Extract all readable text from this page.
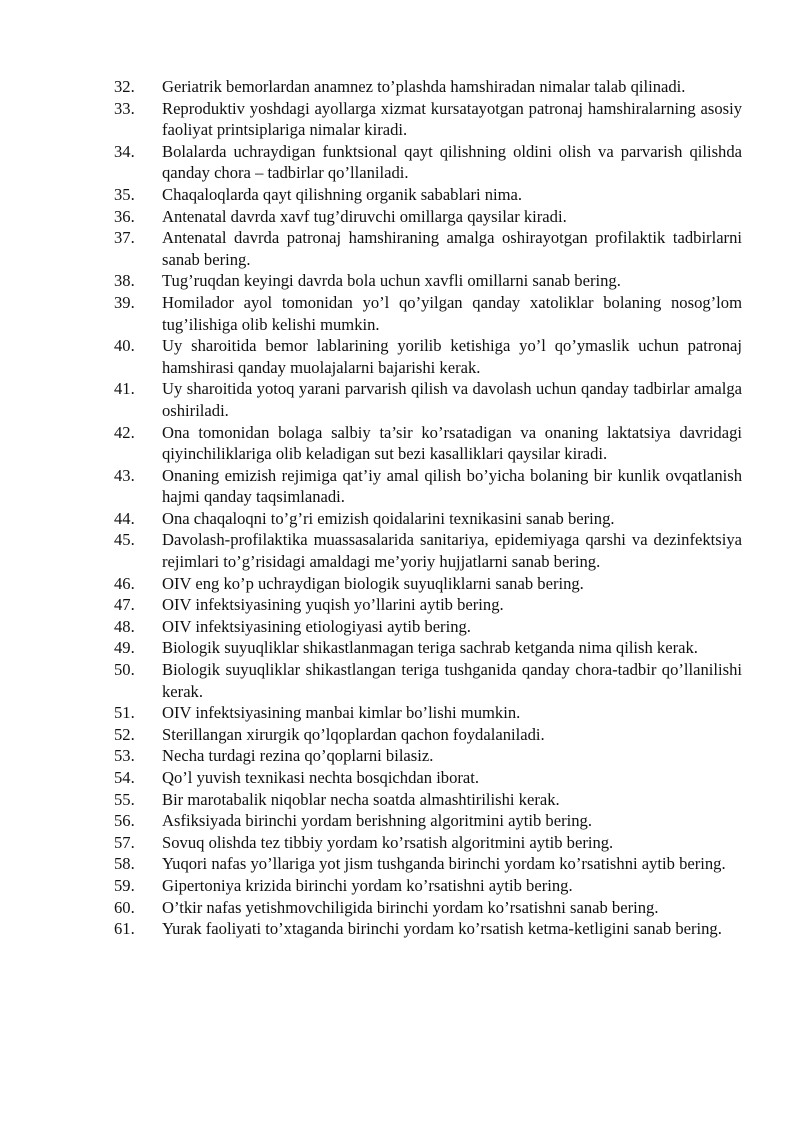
32.	Geriatrik bemorlardan anamnez to’plashda hamshiradan nimalar talab qilinadi.
33.	Reproduktiv yoshdagi ayollarga xizmat kursatayotgan patronaj hamshiralarning asosiy faoliyat printsiplariga nimalar kiradi.
34.	Bolalarda uchraydigan funktsional qayt qilishning oldini olish va parvarish qilishda qanday chora – tadbirlar qo’llaniladi.
35.	Chaqaloqlarda qayt qilishning organik sabablari nima.
36.	Antenatal davrda xavf tug’diruvchi omillarga qaysilar kiradi.
37.	Antenatal davrda patronaj hamshiraning amalga oshirayotgan profilaktik tadbirlarni sanab bering.
38.	Tug’ruqdan keyingi davrda bola uchun xavfli omillarni sanab bering.
39.	Homilador ayol tomonidan yo’l qo’yilgan qanday xatoliklar bolaning nosog’lom tug’ilishiga olib kelishi mumkin.
40.	Uy sharoitida bemor lablarining yorilib ketishiga yo’l qo’ymaslik uchun patronaj hamshirasi qanday muolajalarni bajarishi kerak.
41.	Uy sharoitida yotoq yarani parvarish qilish va davolash uchun qanday tadbirlar amalga oshiriladi.
42.	Ona tomonidan bolaga salbiy ta’sir ko’rsatadigan va onaning laktatsiya davridagi qiyinchiliklariga olib keladigan sut bezi kasalliklari qaysilar kiradi.
43.	Onaning emizish rejimiga qat’iy amal qilish bo’yicha bolaning bir kunlik ovqatlanish hajmi qanday taqsimlanadi.
44.	Ona chaqaloqni to’g’ri emizish qoidalarini texnikasini sanab bering.
45.	Davolash-profilaktika muassasalarida sanitariya, epidemiyaga qarshi va dezinfektsiya rejimlari to’g’risidagi amaldagi me’yoriy hujjatlarni sanab bering.
46.	OIV eng ko’p uchraydigan biologik suyuqliklarni sanab bering.
47.	OIV infektsiyasining yuqish yo’llarini aytib bering.
48.	OIV infektsiyasining etiologiyasi aytib bering.
49.	Biologik suyuqliklar shikastlanmagan teriga sachrab ketganda nima qilish kerak.
50.	Biologik suyuqliklar shikastlangan teriga tushganida qanday chora-tadbir qo’llanilishi kerak.
51.	OIV infektsiyasining manbai kimlar bo’lishi mumkin.
52.	Sterillangan xirurgik qo’lqoplardan qachon foydalaniladi.
53.	Necha turdagi rezina qo’qoplarni bilasiz.
54.	Qo’l yuvish texnikasi nechta bosqichdan iborat.
55.	Bir marotabalik niqoblar necha soatda almashtirilishi kerak.
56.	Asfiksiyada birinchi yordam berishning algoritmini aytib bering.
57.	Sovuq olishda tez tibbiy yordam ko’rsatish algoritmini aytib bering.
58.	Yuqori nafas yo’llariga yot jism tushganda birinchi yordam ko’rsatishni aytib bering.
59.	Gipertoniya krizida birinchi yordam ko’rsatishni aytib bering.
60.	O’tkir nafas yetishmovchiligida birinchi yordam ko’rsatishni sanab bering.
61.	Yurak faoliyati to’xtaganda birinchi yordam ko’rsatish ketma-ketligini sanab bering.
